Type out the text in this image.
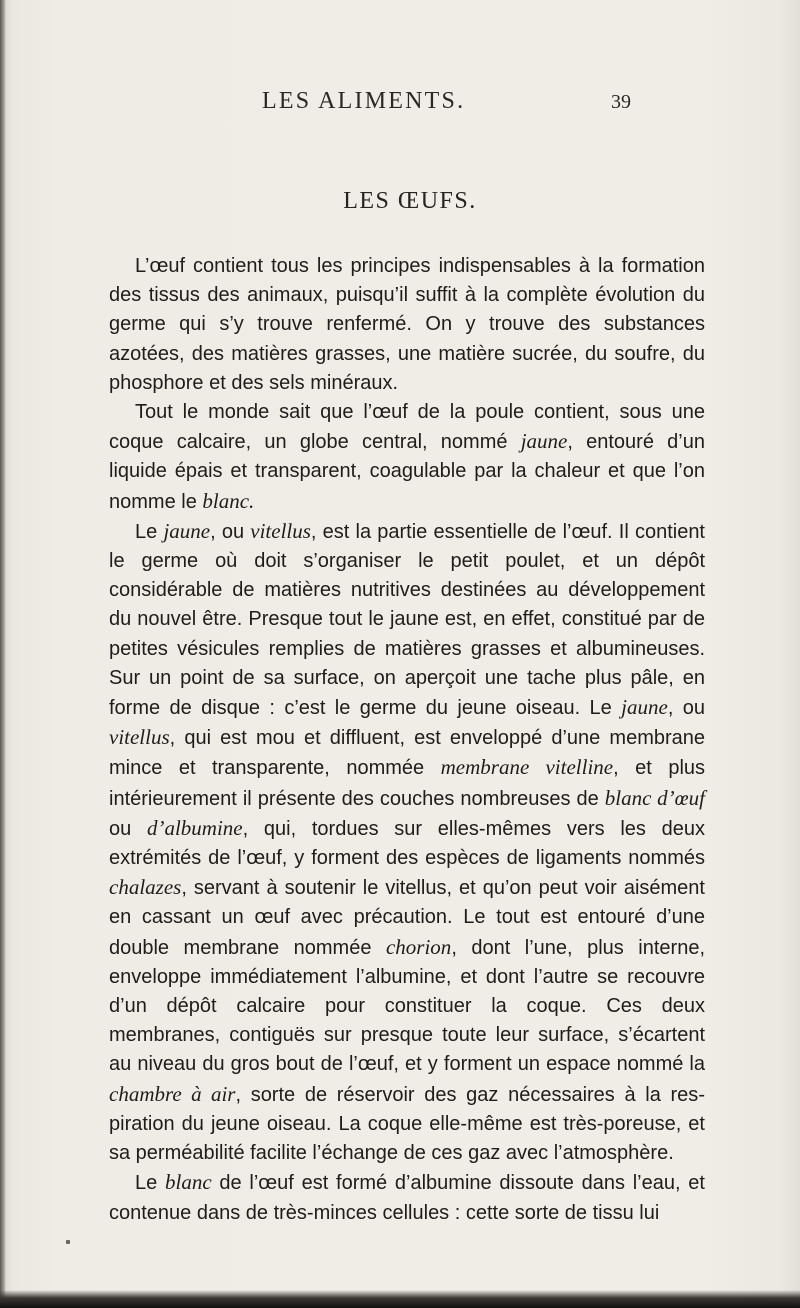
LES ALIMENTS.	39
LES ŒUFS.

L’œuf contient tous les principes indispensables à la formation des tissus des animaux, puisqu’il suffit à la complète évolution du germe qui s’y trouve renfermé. On y trouve des substances azotées, des matières grasses, une matière sucrée, du soufre, du phosphore et des sels minéraux.

Tout le monde sait que l’œuf de la poule contient, sous une coque calcaire, un globe central, nommé jaune, entouré d’un liquide épais et transparent, coagulable par la chaleur et que l’on nomme le blanc.

Le jaune, ou vitellus, est la partie essentielle de l’œuf. Il contient le germe où doit s’organiser le petit poulet, et un dépôt considérable de matières nutritives destinées au développement du nouvel être. Presque tout le jaune est, en effet, constitué par de petites vésicules remplies de matières grasses et albumineuses. Sur un point de sa surface, on aperçoit une tache plus pâle, en forme de disque : c’est le germe du jeune oiseau. Le jaune, ou vitellus, qui est mou et diffluent, est enveloppé d’une membrane mince et transparente, nommée membrane vitelline, et plus intérieurement il présente des couches nombreuses de blanc d’œuf ou d’albumine, qui, tordues sur elles-mêmes vers les deux extrémités de l’œuf, y forment des espèces de ligaments nommés chalazes, servant à soutenir le vitellus, et qu’on peut voir aisément en cassant un œuf avec précaution. Le tout est entouré d’une double membrane nommée chorion, dont l’une, plus interne, enveloppe immédiatement l’albumine, et dont l’autre se recouvre d’un dépôt calcaire pour constituer la coque. Ces deux membranes, contiguës sur presque toute leur surface, s’écartent au niveau du gros bout de l’œuf, et y forment un espace nommé la chambre à air, sorte de réservoir des gaz nécessaires à la respiration du jeune oiseau. La coque elle-même est très-poreuse, et sa perméabilité facilite l’échange de ces gaz avec l’atmosphère.

Le blanc de l’œuf est formé d’albumine dissoute dans l’eau, et contenue dans de très-minces cellules : cette sorte de tissu lui
